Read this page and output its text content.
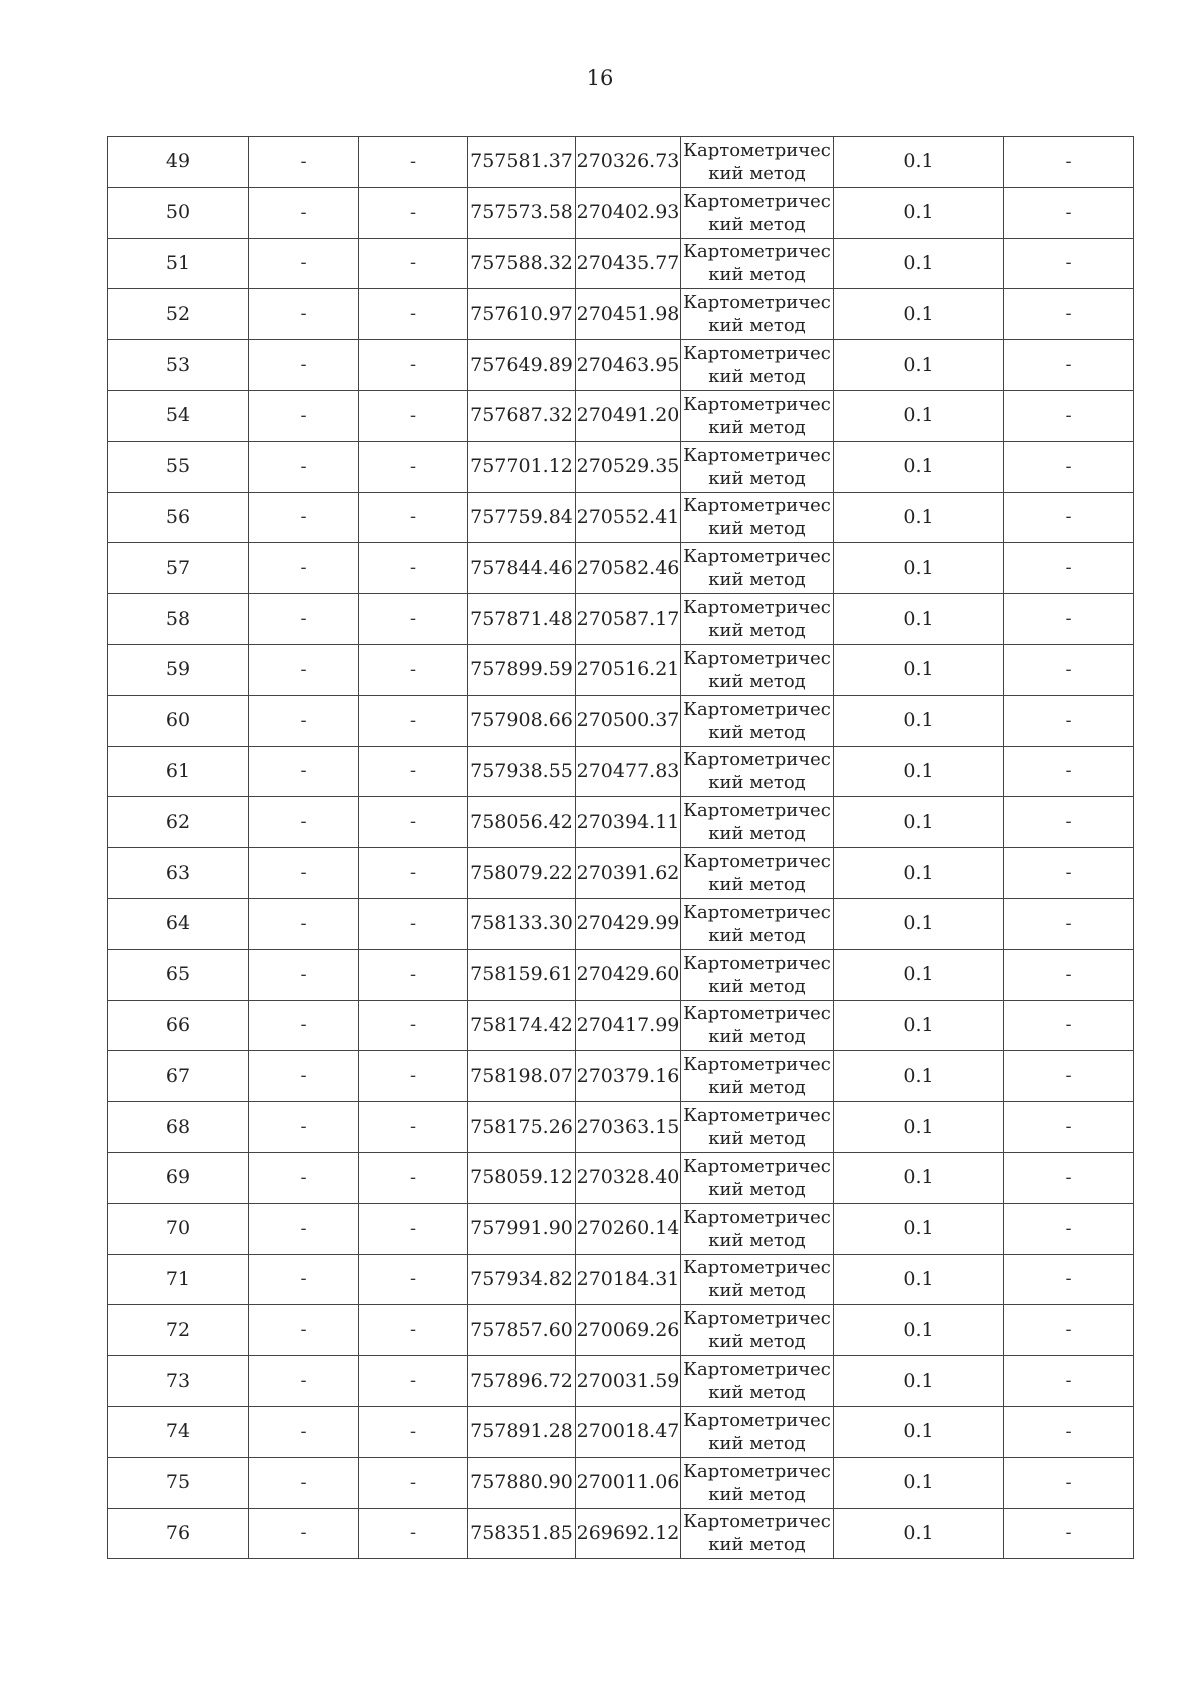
16
49	-	-	757581.37	270326.73	Картометричес
кий метод	0.1	-
50	-	-	757573.58	270402.93	Картометричес
кий метод	0.1	-
51	-	-	757588.32	270435.77	Картометричес
кий метод	0.1	-
52	-	-	757610.97	270451.98	Картометричес
кий метод	0.1	-
53	-	-	757649.89	270463.95	Картометричес
кий метод	0.1	-
54	-	-	757687.32	270491.20	Картометричес
кий метод	0.1	-
55	-	-	757701.12	270529.35	Картометричес
кий метод	0.1	-
56	-	-	757759.84	270552.41	Картометричес
кий метод	0.1	-
57	-	-	757844.46	270582.46	Картометричес
кий метод	0.1	-
58	-	-	757871.48	270587.17	Картометричес
кий метод	0.1	-
59	-	-	757899.59	270516.21	Картометричес
кий метод	0.1	-
60	-	-	757908.66	270500.37	Картометричес
кий метод	0.1	-
61	-	-	757938.55	270477.83	Картометричес
кий метод	0.1	-
62	-	-	758056.42	270394.11	Картометричес
кий метод	0.1	-
63	-	-	758079.22	270391.62	Картометричес
кий метод	0.1	-
64	-	-	758133.30	270429.99	Картометричес
кий метод	0.1	-
65	-	-	758159.61	270429.60	Картометричес
кий метод	0.1	-
66	-	-	758174.42	270417.99	Картометричес
кий метод	0.1	-
67	-	-	758198.07	270379.16	Картометричес
кий метод	0.1	-
68	-	-	758175.26	270363.15	Картометричес
кий метод	0.1	-
69	-	-	758059.12	270328.40	Картометричес
кий метод	0.1	-
70	-	-	757991.90	270260.14	Картометричес
кий метод	0.1	-
71	-	-	757934.82	270184.31	Картометричес
кий метод	0.1	-
72	-	-	757857.60	270069.26	Картометричес
кий метод	0.1	-
73	-	-	757896.72	270031.59	Картометричес
кий метод	0.1	-
74	-	-	757891.28	270018.47	Картометричес
кий метод	0.1	-
75	-	-	757880.90	270011.06	Картометричес
кий метод	0.1	-
76	-	-	758351.85	269692.12	Картометричес
кий метод	0.1	-
